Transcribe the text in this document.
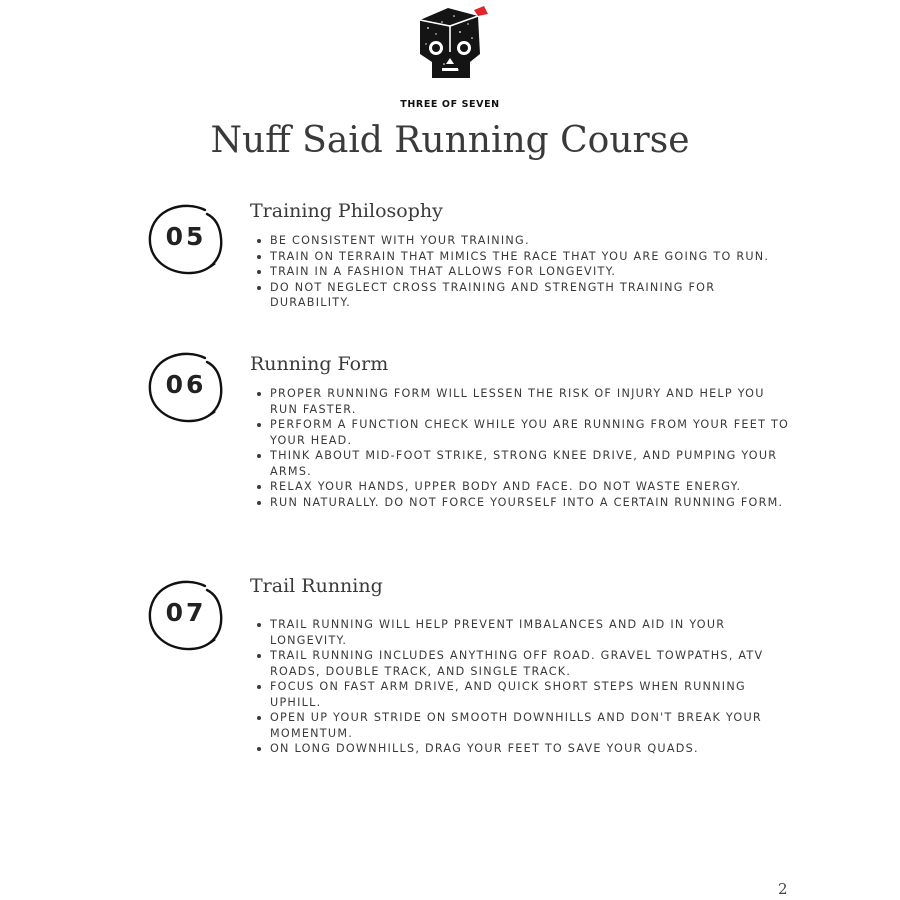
THREE OF SEVEN
Nuff Said Running Course
05
Training Philosophy
BE CONSISTENT WITH YOUR TRAINING.
TRAIN ON TERRAIN THAT MIMICS THE RACE THAT YOU ARE GOING TO RUN.
TRAIN IN A FASHION THAT ALLOWS FOR LONGEVITY.
DO NOT NEGLECT CROSS TRAINING AND STRENGTH TRAINING FOR DURABILITY.
06
Running Form
PROPER RUNNING FORM WILL LESSEN THE RISK OF INJURY AND HELP YOU RUN FASTER.
PERFORM A FUNCTION CHECK WHILE YOU ARE RUNNING FROM YOUR FEET TO YOUR HEAD.
THINK ABOUT MID-FOOT STRIKE, STRONG KNEE DRIVE, AND PUMPING YOUR ARMS.
RELAX YOUR HANDS, UPPER BODY AND FACE. DO NOT WASTE ENERGY.
RUN NATURALLY. DO NOT FORCE YOURSELF INTO A CERTAIN RUNNING FORM.
07
Trail Running
TRAIL RUNNING WILL HELP PREVENT IMBALANCES AND AID IN YOUR LONGEVITY.
TRAIL RUNNING INCLUDES ANYTHING OFF ROAD. GRAVEL TOWPATHS, ATV ROADS, DOUBLE TRACK, AND SINGLE TRACK.
FOCUS ON FAST ARM DRIVE, AND QUICK SHORT STEPS WHEN RUNNING UPHILL.
OPEN UP YOUR STRIDE ON SMOOTH DOWNHILLS AND DON'T BREAK YOUR MOMENTUM.
ON LONG DOWNHILLS, DRAG YOUR FEET TO SAVE YOUR QUADS.
2
